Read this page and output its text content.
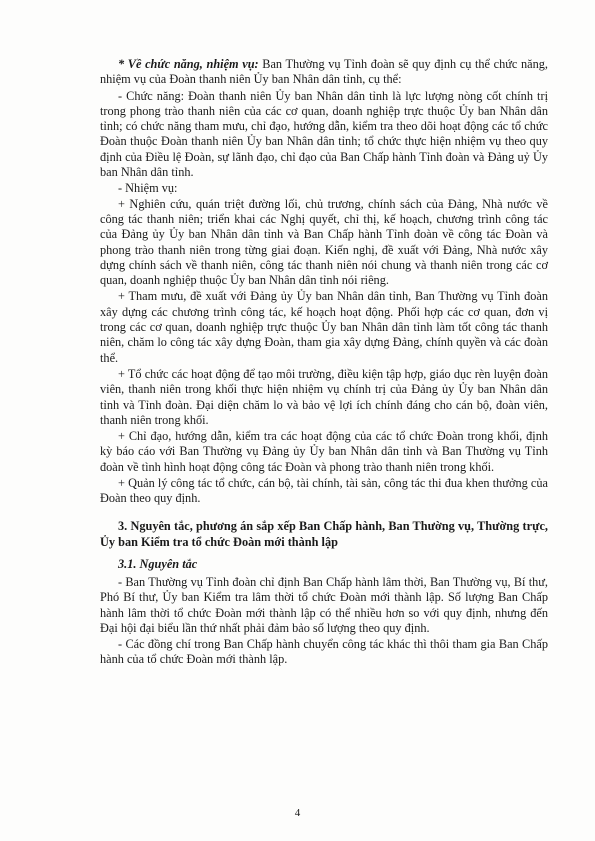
* Về chức năng, nhiệm vụ: Ban Thường vụ Tỉnh đoàn sẽ quy định cụ thể chức năng, nhiệm vụ của Đoàn thanh niên Ủy ban Nhân dân tỉnh, cụ thể:

- Chức năng: Đoàn thanh niên Ủy ban Nhân dân tỉnh là lực lượng nòng cốt chính trị trong phong trào thanh niên của các cơ quan, doanh nghiệp trực thuộc Ủy ban Nhân dân tỉnh; có chức năng tham mưu, chỉ đạo, hướng dẫn, kiểm tra theo dõi hoạt động các tổ chức Đoàn thuộc Đoàn thanh niên Ủy ban Nhân dân tỉnh; tổ chức thực hiện nhiệm vụ theo quy định của Điều lệ Đoàn, sự lãnh đạo, chỉ đạo của Ban Chấp hành Tỉnh đoàn và Đảng uỷ Ủy ban Nhân dân tỉnh.

- Nhiệm vụ:

+ Nghiên cứu, quán triệt đường lối, chủ trương, chính sách của Đảng, Nhà nước về công tác thanh niên; triển khai các Nghị quyết, chỉ thị, kế hoạch, chương trình công tác của Đảng ủy Ủy ban Nhân dân tỉnh và Ban Chấp hành Tỉnh đoàn về công tác Đoàn và phong trào thanh niên trong từng giai đoạn. Kiến nghị, đề xuất với Đảng, Nhà nước xây dựng chính sách về thanh niên, công tác thanh niên nói chung và thanh niên trong các cơ quan, doanh nghiệp thuộc Ủy ban Nhân dân tỉnh nói riêng.

+ Tham mưu, đề xuất với Đảng ủy Ủy ban Nhân dân tỉnh, Ban Thường vụ Tỉnh đoàn xây dựng các chương trình công tác, kế hoạch hoạt động. Phối hợp các cơ quan, đơn vị trong các cơ quan, doanh nghiệp trực thuộc Ủy ban Nhân dân tỉnh làm tốt công tác thanh niên, chăm lo công tác xây dựng Đoàn, tham gia xây dựng Đảng, chính quyền và các đoàn thể.

+ Tổ chức các hoạt động để tạo môi trường, điều kiện tập hợp, giáo dục rèn luyện đoàn viên, thanh niên trong khối thực hiện nhiệm vụ chính trị của Đảng ủy Ủy ban Nhân dân tỉnh và Tỉnh đoàn. Đại diện chăm lo và bảo vệ lợi ích chính đáng cho cán bộ, đoàn viên, thanh niên trong khối.

+ Chỉ đạo, hướng dẫn, kiểm tra các hoạt động của các tổ chức Đoàn trong khối, định kỳ báo cáo với Ban Thường vụ Đảng ủy Ủy ban Nhân dân tỉnh và Ban Thường vụ Tỉnh đoàn về tình hình hoạt động công tác Đoàn và phong trào thanh niên trong khối.

+ Quản lý công tác tổ chức, cán bộ, tài chính, tài sản, công tác thi đua khen thưởng của Đoàn theo quy định.

3. Nguyên tắc, phương án sắp xếp Ban Chấp hành, Ban Thường vụ, Thường trực, Ủy ban Kiểm tra tổ chức Đoàn mới thành lập

3.1. Nguyên tắc

- Ban Thường vụ Tỉnh đoàn chỉ định Ban Chấp hành lâm thời, Ban Thường vụ, Bí thư, Phó Bí thư, Ủy ban Kiểm tra lâm thời tổ chức Đoàn mới thành lập. Số lượng Ban Chấp hành lâm thời tổ chức Đoàn mới thành lập có thể nhiều hơn so với quy định, nhưng đến Đại hội đại biểu lần thứ nhất phải đảm bảo số lượng theo quy định.

- Các đồng chí trong Ban Chấp hành chuyển công tác khác thì thôi tham gia Ban Chấp hành của tổ chức Đoàn mới thành lập.

4
